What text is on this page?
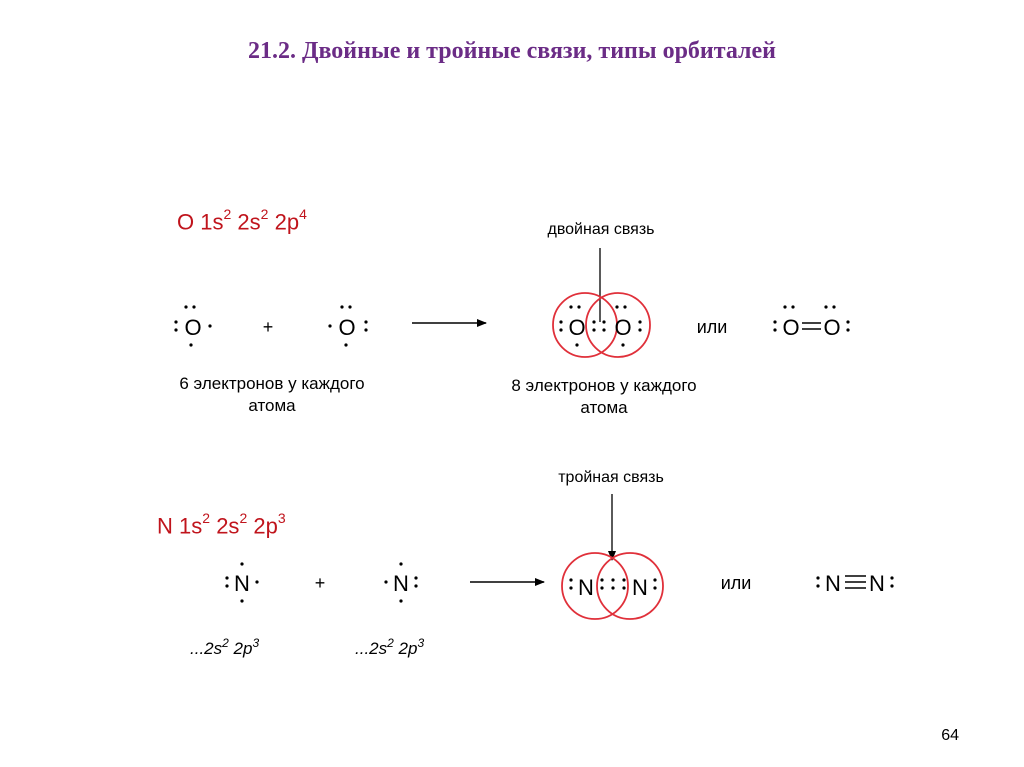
21.2. Двойные и тройные связи, типы орбиталей
O $1s^2$ $2s^2$ $2p^4$
N $1s^2$ $2s^2$ $2p^3$
O	+	O
6 электронов у каждого
атома
двойная связь
O O
8 электронов у каждого
атома
или	O O
N	+	N
$...2s^2$ $2p^3$	$...2s^2$ $2p^3$
тройная связь
N N	или	N N
64
